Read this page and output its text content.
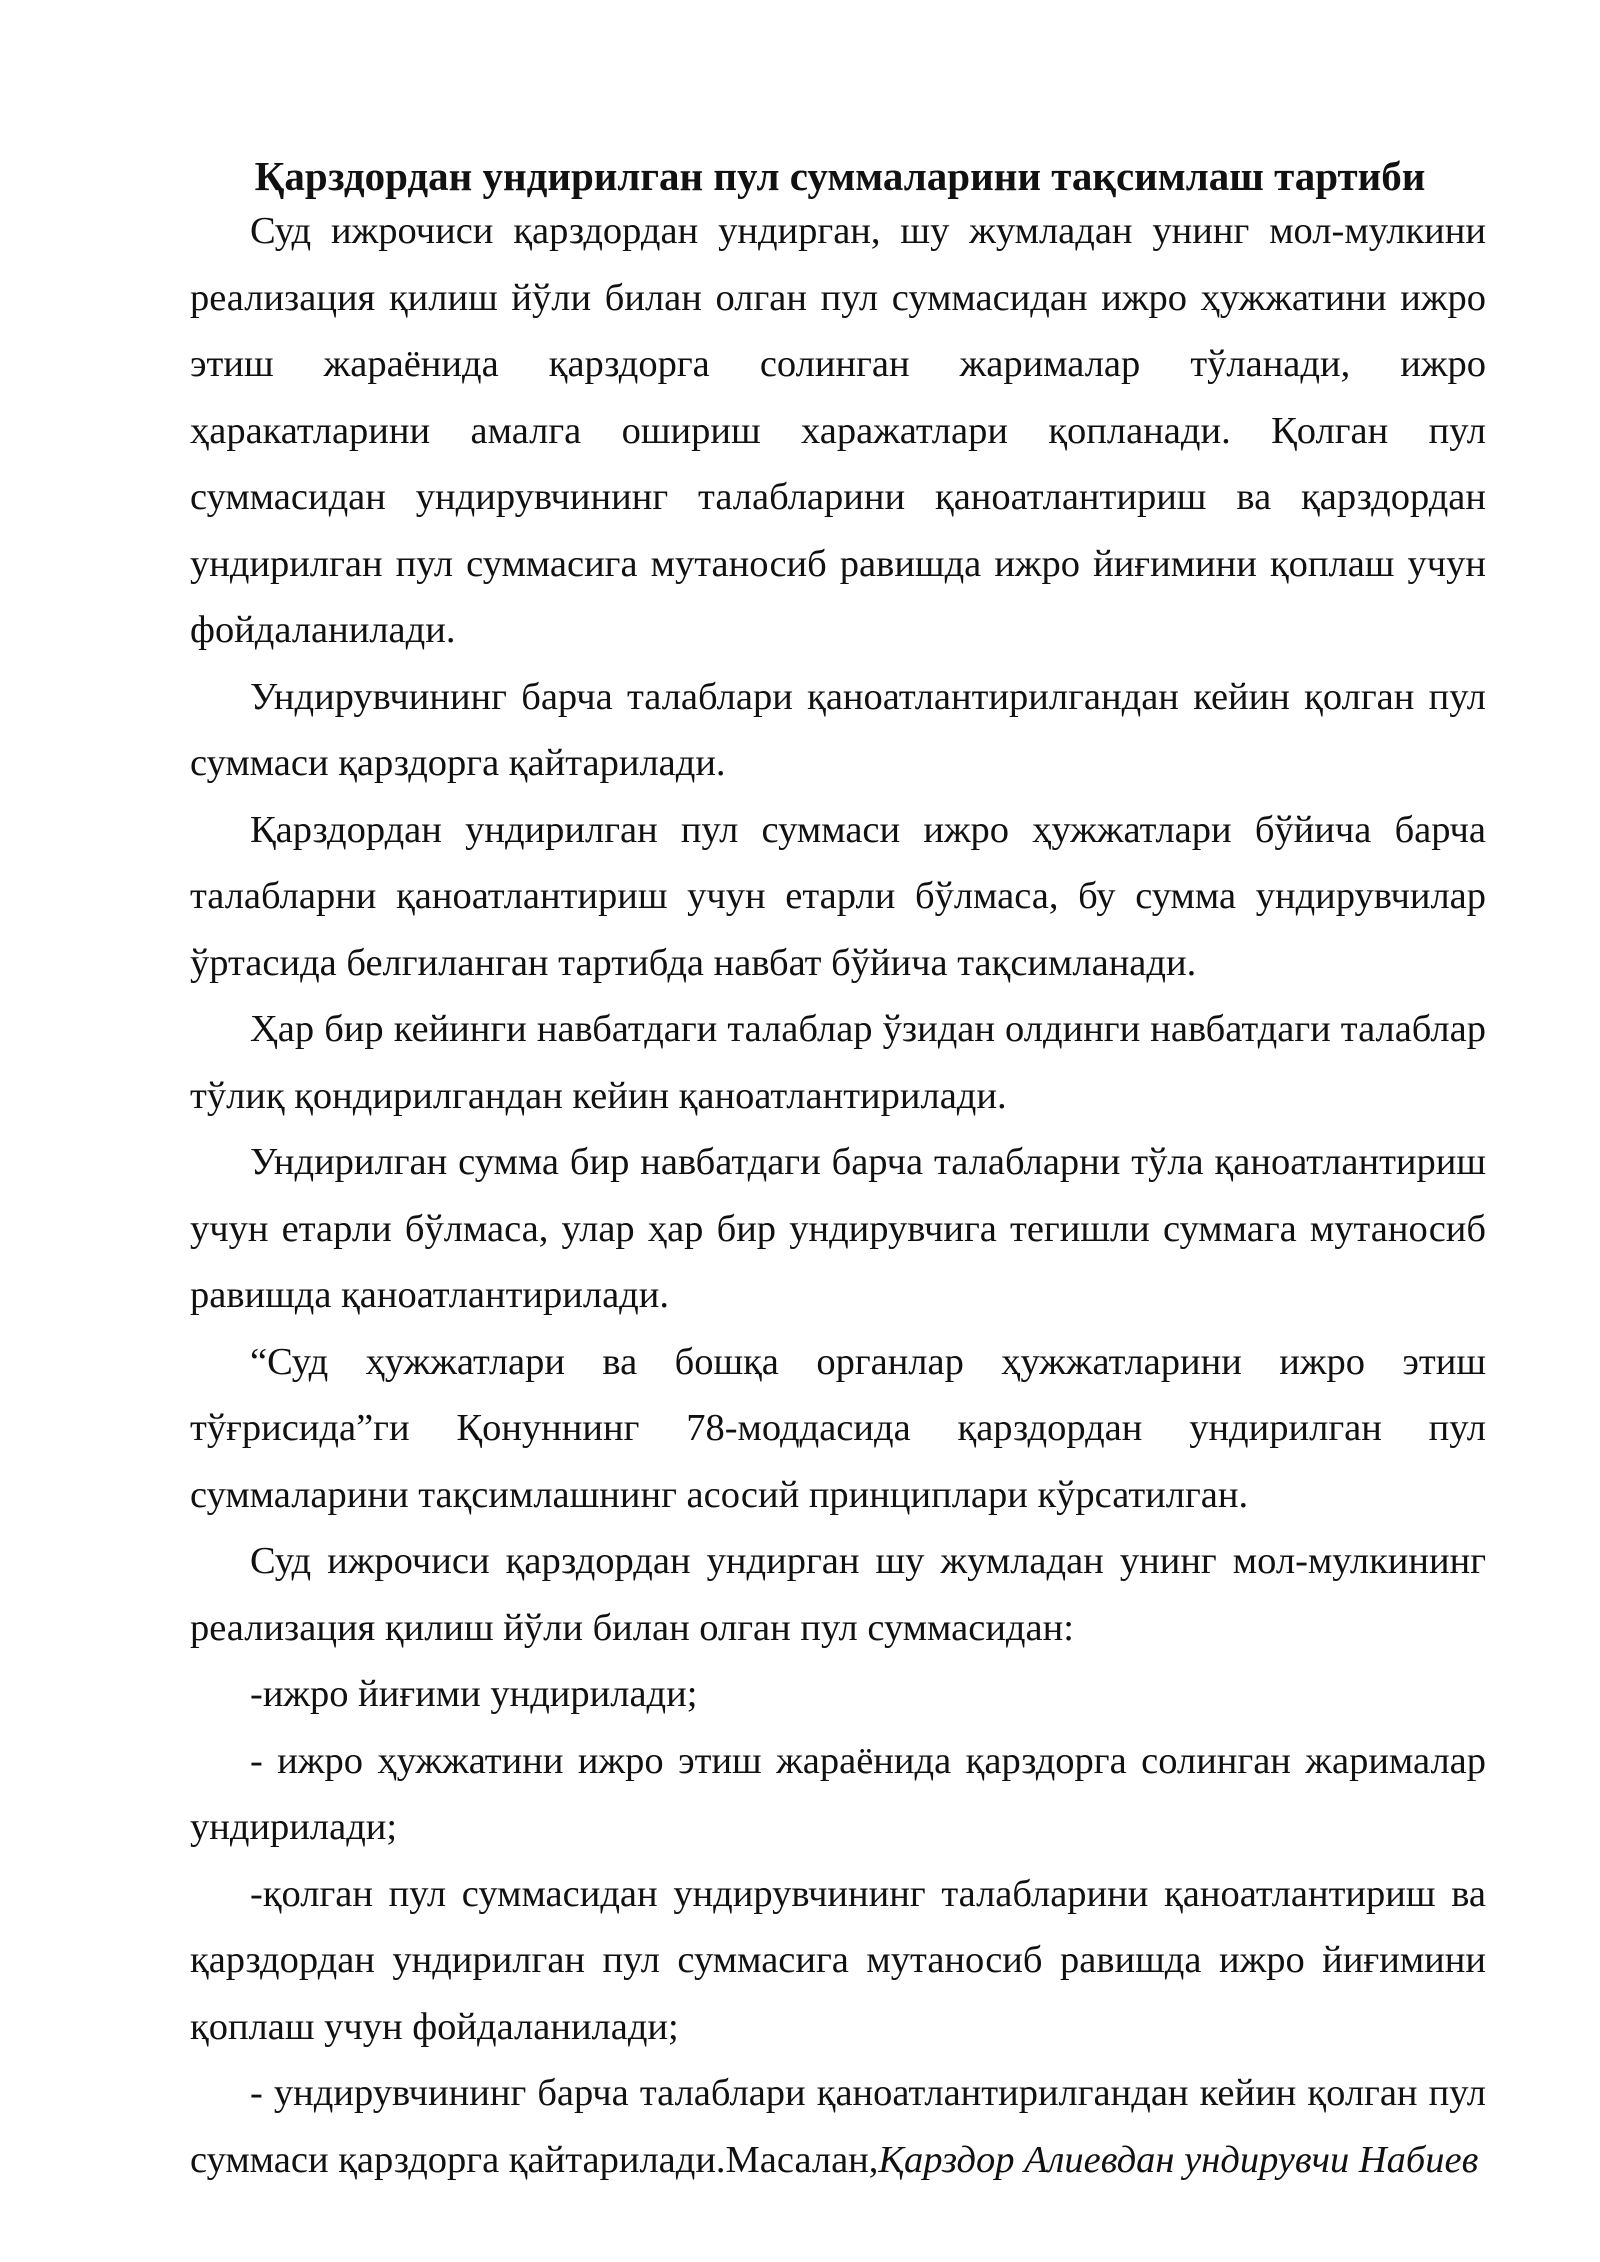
Қарздордан ундирилган пул суммаларини тақсимлаш тартиби

Суд ижрочиси қарздордан ундирган, шу жумладан унинг мол-мулкини реализация қилиш йўли билан олган пул суммасидан ижро ҳужжатини ижро этиш жараёнида қарздорга солинган жарималар тўланади, ижро ҳаракатларини амалга ошириш харажатлари қопланади. Қолган пул суммасидан ундирувчининг талабларини қаноатлантириш ва қарздордан ундирилган пул суммасига мутаносиб равишда ижро йиғимини қоплаш учун фойдаланилади.

Ундирувчининг барча талаблари қаноатлантирилгандан кейин қолган пул суммаси қарздорга қайтарилади.

Қарздордан ундирилган пул суммаси ижро ҳужжатлари бўйича барча талабларни қаноатлантириш учун етарли бўлмаса, бу сумма ундирувчилар ўртасида белгиланган тартибда навбат бўйича тақсимланади.

Ҳар бир кейинги навбатдаги талаблар ўзидан олдинги навбатдаги талаблар тўлиқ қондирилгандан кейин қаноатлантирилади.

Ундирилган сумма бир навбатдаги барча талабларни тўла қаноатлантириш учун етарли бўлмаса, улар ҳар бир ундирувчига тегишли суммага мутаносиб равишда қаноатлантирилади.

“Суд ҳужжатлари ва бошқа органлар ҳужжатларини ижро этиш тўғрисида”ги Қонуннинг 78-моддасида қарздордан ундирилган пул суммаларини тақсимлашнинг асосий принциплари кўрсатилган.

Суд ижрочиси қарздордан ундирган шу жумладан унинг мол-мулкининг реализация қилиш йўли билан олган пул суммасидан:

-ижро йиғими ундирилади;

- ижро ҳужжатини ижро этиш жараёнида қарздорга солинган жарималар ундирилади;

-қолган пул суммасидан ундирувчининг талабларини қаноатлантириш ва қарздордан ундирилган пул суммасига мутаносиб равишда ижро йиғимини қоплаш учун фойдаланилади;

- ундирувчининг барча талаблари қаноатлантирилгандан кейин қолган пул суммаси қарздорга қайтарилади.Масалан,Қарздор Алиевдан ундирувчи Набиев
